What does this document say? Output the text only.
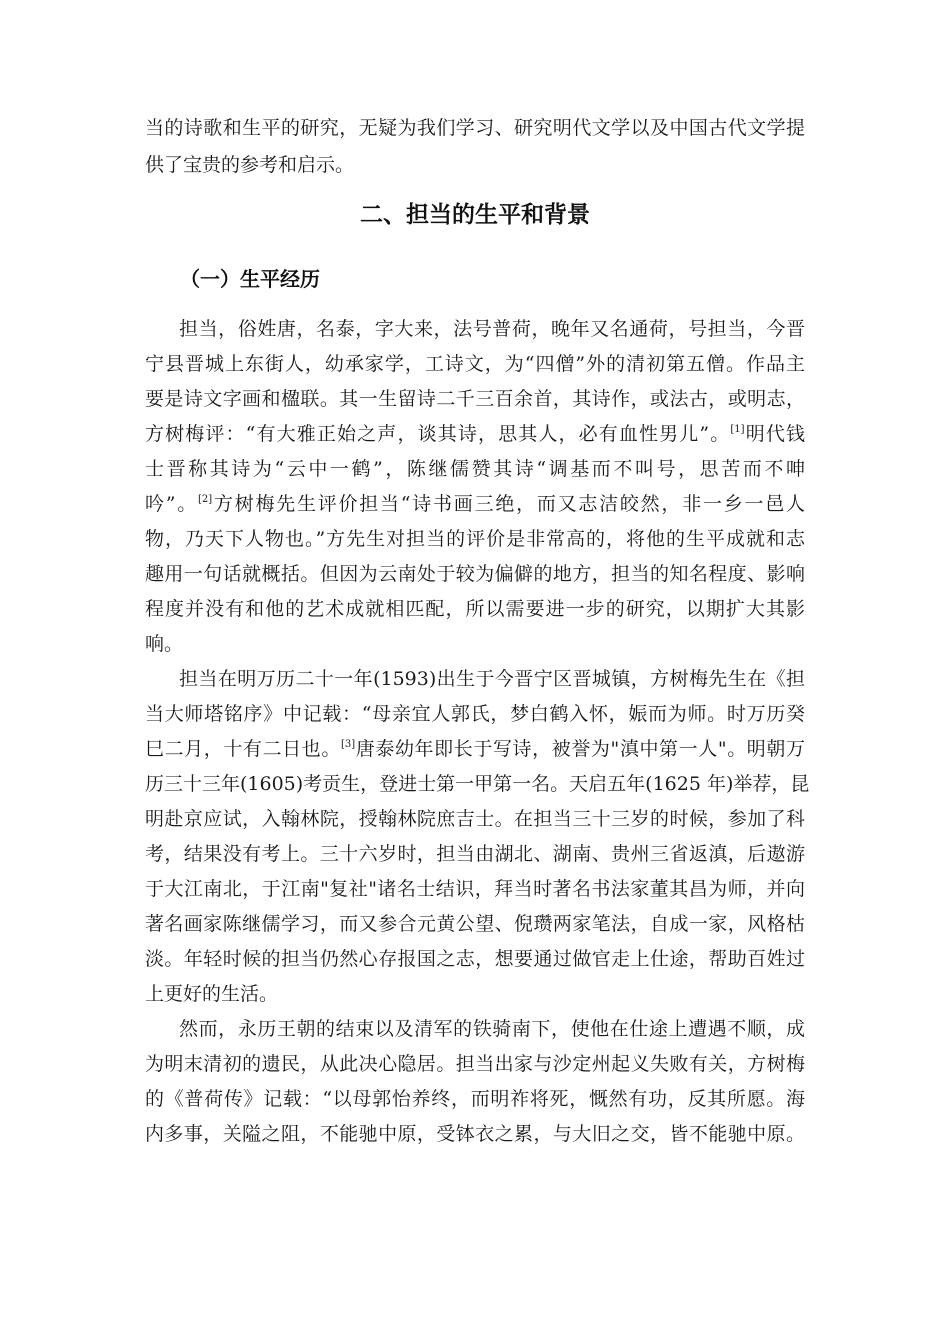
当的诗歌和生平的研究，无疑为我们学习、研究明代文学以及中国古代文学提
供了宝贵的参考和启示。
二、担当的生平和背景
（一）生平经历
担当，俗姓唐，名泰，字大来，法号普荷，晚年又名通荷，号担当，今晋
宁县晋城上东街人，幼承家学，工诗文，为“四僧”外的清初第五僧。作品主
要是诗文字画和楹联。其一生留诗二千三百余首，其诗作，或法古，或明志，
方树梅评：“有大雅正始之声，谈其诗，思其人，必有血性男儿”。[1]明代钱
士晋称其诗为“云中一鹤”，陈继儒赞其诗“调基而不叫号，思苦而不呻
吟”。[2]方树梅先生评价担当“诗书画三绝，而又志洁皎然，非一乡一邑人
物，乃天下人物也。”方先生对担当的评价是非常高的，将他的生平成就和志
趣用一句话就概括。但因为云南处于较为偏僻的地方，担当的知名程度、影响
程度并没有和他的艺术成就相匹配，所以需要进一步的研究，以期扩大其影
响。
担当在明万历二十一年(1593)出生于今晋宁区晋城镇，方树梅先生在《担
当大师塔铭序》中记载：“母亲宜人郭氏，梦白鹤入怀，娠而为师。时万历癸
巳二月，十有二日也。[3]唐泰幼年即长于写诗，被誉为"滇中第一人"。明朝万
历三十三年(1605)考贡生，登进士第一甲第一名。天启五年(1625 年)举荐，昆
明赴京应试，入翰林院，授翰林院庶吉士。在担当三十三岁的时候，参加了科
考，结果没有考上。三十六岁时，担当由湖北、湖南、贵州三省返滇，后遨游
于大江南北，于江南"复社"诸名士结识，拜当时著名书法家董其昌为师，并向
著名画家陈继儒学习，而又参合元黄公望、倪瓒两家笔法，自成一家，风格枯
淡。年轻时候的担当仍然心存报国之志，想要通过做官走上仕途，帮助百姓过
上更好的生活。
然而，永历王朝的结束以及清军的铁骑南下，使他在仕途上遭遇不顺，成
为明末清初的遗民，从此决心隐居。担当出家与沙定州起义失败有关，方树梅
的《普荷传》记载：“以母郭怡养终，而明祚将死，慨然有功，反其所愿。海
内多事，关隘之阻，不能驰中原，受钵衣之累，与大旧之交，皆不能驰中原。
